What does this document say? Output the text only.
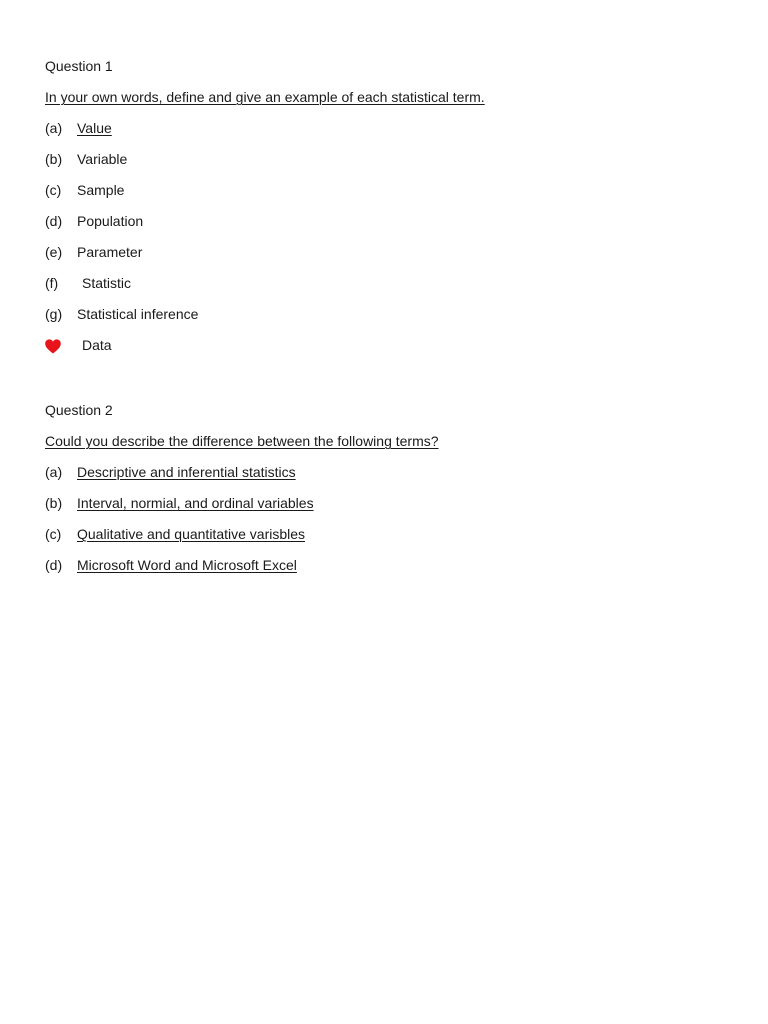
Question 1
In your own words, define and give an example of each statistical term.
(a) Value
(b) Variable
(c) Sample
(d) Population
(e) Parameter
(f) Statistic
(g) Statistical inference
Data
Question 2
Could you describe the difference between the following terms?
(a) Descriptive and inferential statistics
(b) Interval, normial, and ordinal variables
(c) Qualitative and quantitative varisbles
(d) Microsoft Word and Microsoft Excel
